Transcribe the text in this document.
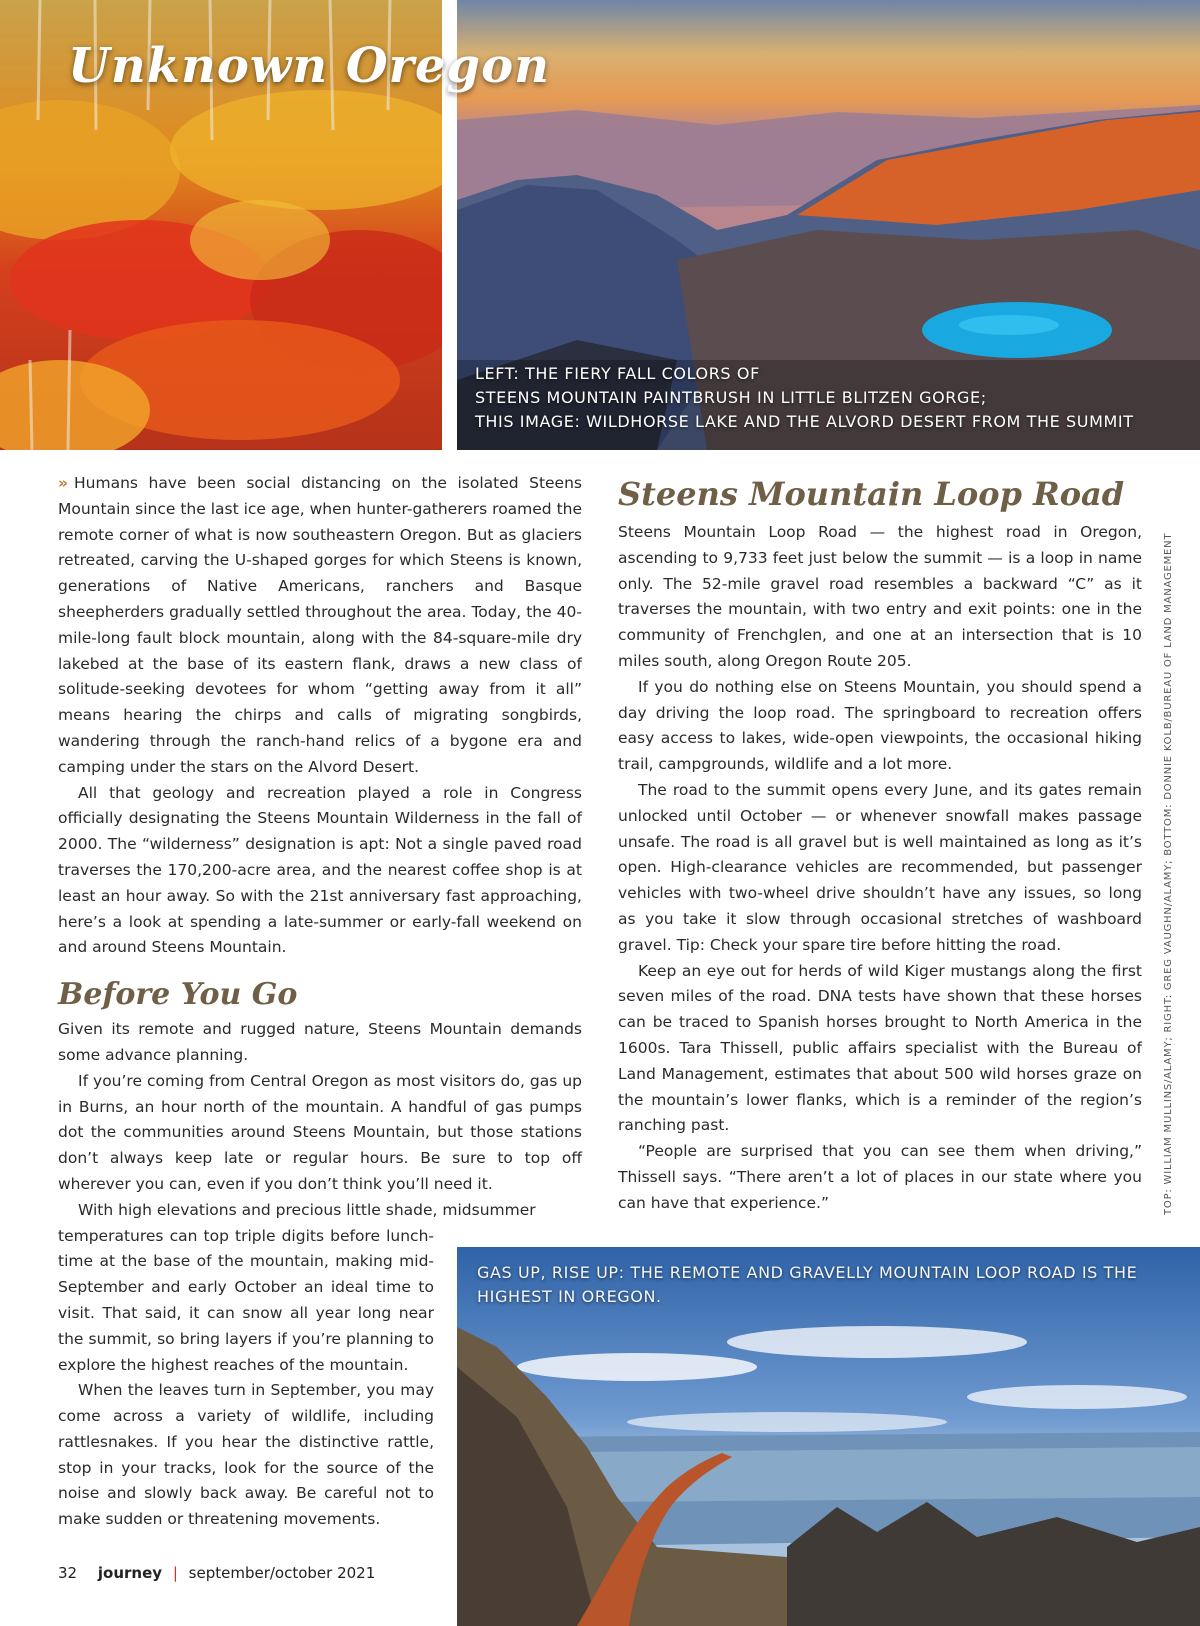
Unknown Oregon
LEFT: THE FIERY FALL COLORS OF
STEENS MOUNTAIN PAINTBRUSH IN LITTLE BLITZEN GORGE;
THIS IMAGE: WILDHORSE LAKE AND THE ALVORD DESERT FROM THE SUMMIT
GAS UP, RISE UP: THE REMOTE AND GRAVELLY MOUNTAIN LOOP ROAD IS THE HIGHEST IN OREGON.

» Humans have been social distancing on the isolated Steens Mountain since the last ice age, when hunter-gatherers roamed the remote corner of what is now southeastern Oregon. But as glaciers retreated, carving the U-shaped gorges for which Steens is known, generations of Native Americans, ranchers and Basque sheepherders gradually settled throughout the area. Today, the 40-mile-long fault block mountain, along with the 84-square-mile dry lakebed at the base of its eastern flank, draws a new class of solitude-seeking devotees for whom “getting away from it all” means hearing the chirps and calls of migrating songbirds, wandering through the ranch-hand relics of a bygone era and camping under the stars on the Alvord Desert.

All that geology and recreation played a role in Congress officially designating the Steens Mountain Wilderness in the fall of 2000. The “wilderness” designation is apt: Not a single paved road traverses the 170,200-acre area, and the nearest coffee shop is at least an hour away. So with the 21st anniversary fast approaching, here’s a look at spending a late-summer or early-fall weekend on and around Steens Mountain.

Before You Go

Given its remote and rugged nature, Steens Mountain demands some advance planning.

If you’re coming from Central Oregon as most visitors do, gas up in Burns, an hour north of the mountain. A handful of gas pumps dot the communities around Steens Mountain, but those stations don’t always keep late or regular hours. Be sure to top off wherever you can, even if you don’t think you’ll need it.

With high elevations and precious little shade, midsummer

temperatures can top triple digits before lunch-time at the base of the mountain, making mid-September and early October an ideal time to visit. That said, it can snow all year long near the summit, so bring layers if you’re planning to explore the highest reaches of the mountain.

When the leaves turn in September, you may come across a variety of wildlife, including rattlesnakes. If you hear the distinctive rattle, stop in your tracks, look for the source of the noise and slowly back away. Be careful not to make sudden or threatening movements.

Steens Mountain Loop Road

Steens Mountain Loop Road — the highest road in Oregon, ascending to 9,733 feet just below the summit — is a loop in name only. The 52-mile gravel road resembles a backward “C” as it traverses the mountain, with two entry and exit points: one in the community of Frenchglen, and one at an intersection that is 10 miles south, along Oregon Route 205.

If you do nothing else on Steens Mountain, you should spend a day driving the loop road. The springboard to recreation offers easy access to lakes, wide-open viewpoints, the occasional hiking trail, campgrounds, wildlife and a lot more.

The road to the summit opens every June, and its gates remain unlocked until October — or whenever snowfall makes passage unsafe. The road is all gravel but is well maintained as long as it’s open. High-clearance vehicles are recommended, but passenger vehicles with two-wheel drive shouldn’t have any issues, so long as you take it slow through occasional stretches of washboard gravel. Tip: Check your spare tire before hitting the road.

Keep an eye out for herds of wild Kiger mustangs along the first seven miles of the road. DNA tests have shown that these horses can be traced to Spanish horses brought to North America in the 1600s. Tara Thissell, public affairs specialist with the Bureau of Land Management, estimates that about 500 wild horses graze on the mountain’s lower flanks, which is a reminder of the region’s ranching past.

“People are surprised that you can see them when driving,” Thissell says. “There aren’t a lot of places in our state where you can have that experience.”	TOP: WILLIAM MULLINS/ALAMY; RIGHT: GREG VAUGHN/ALAMY; BOTTOM: DONNIE KOLB/BUREAU OF LAND MANAGEMENT
32 journey | september/october 2021
